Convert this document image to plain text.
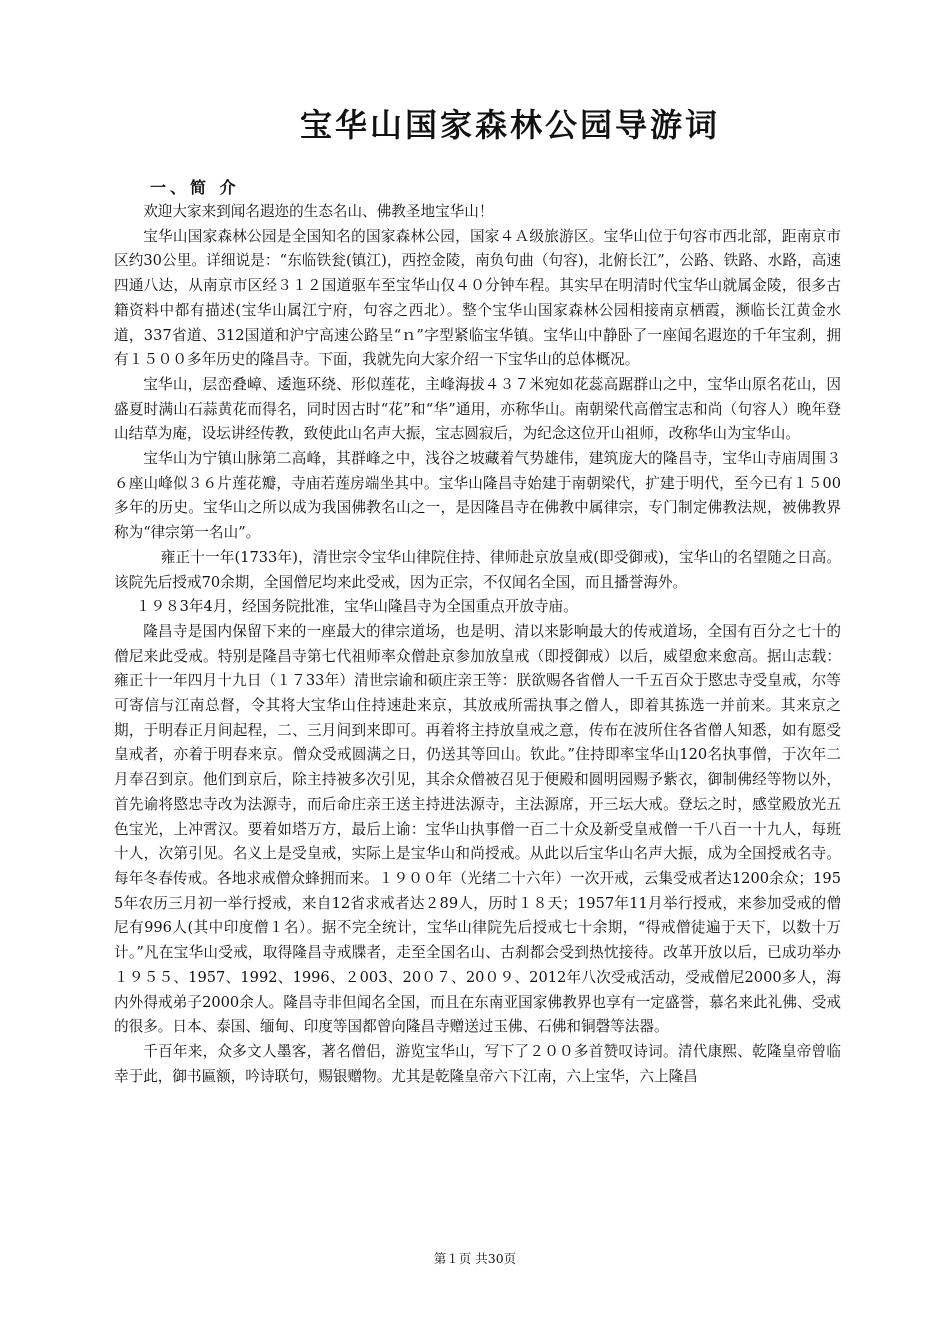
宝华山国家森林公园导游词
一、简 介

欢迎大家来到闻名遐迩的生态名山、佛教圣地宝华山！

宝华山国家森林公园是全国知名的国家森林公园，国家４Ａ级旅游区。宝华山位于句容市西北部，距南京市区约30公里。详细说是：“东临铁瓮(镇江)，西控金陵，南负句曲（句容)，北俯长江”，公路、铁路、水路，高速四通八达，从南京市区经３１２国道驱车至宝华山仅４０分钟车程。其实早在明清时代宝华山就属金陵，很多古籍资料中都有描述(宝华山属江宁府，句容之西北）。整个宝华山国家森林公园相接南京栖霞，濒临长江黄金水道，337省道、312国道和沪宁高速公路呈“ｎ”字型紧临宝华镇。宝华山中静卧了一座闻名遐迩的千年宝刹，拥有１５００多年历史的隆昌寺。下面，我就先向大家介绍一下宝华山的总体概况。

宝华山，层峦叠嶂、逶迤环绕、形似莲花，主峰海拔４３７米宛如花蕊高踞群山之中，宝华山原名花山，因盛夏时满山石蒜黄花而得名，同时因古时“花”和“华”通用，亦称华山。南朝梁代高僧宝志和尚（句容人）晚年登山结草为庵，设坛讲经传教，致使此山名声大振，宝志圆寂后，为纪念这位开山祖师，改称华山为宝华山。

宝华山为宁镇山脉第二高峰，其群峰之中，浅谷之坡藏着气势雄伟，建筑庞大的隆昌寺，宝华山寺庙周围３６座山峰似３６片莲花瓣，寺庙若莲房端坐其中。宝华山隆昌寺始建于南朝梁代，扩建于明代，至今已有１５00多年的历史。宝华山之所以成为我国佛教名山之一，是因隆昌寺在佛教中属律宗，专门制定佛教法规，被佛教界称为“律宗第一名山”。

雍正十一年(1733年)，清世宗令宝华山律院住持、律师赴京放皇戒(即受御戒)，宝华山的名望随之日高。该院先后授戒70余期，全国僧尼均来此受戒，因为正宗，不仅闻名全国，而且播誉海外。

１９８3年4月，经国务院批准，宝华山隆昌寺为全国重点开放寺庙。

隆昌寺是国内保留下来的一座最大的律宗道场，也是明、清以来影响最大的传戒道场，全国有百分之七十的僧尼来此受戒。特别是隆昌寺第七代祖师率众僧赴京参加放皇戒（即授御戒）以后，威望愈来愈高。据山志载：雍正十一年四月十九日（１７33年）清世宗谕和硕庄亲王等：朕欲赐各省僧人一千五百众于愍忠寺受皇戒，尔等可寄信与江南总督，令其将大宝华山住持速赴来京，其放戒所需执事之僧人，即着其拣选一并前来。其来京之期，于明春正月间起程，二、三月间到来即可。再着将主持放皇戒之意，传布在波所住各省僧人知悉，如有愿受皇戒者，亦着于明春来京。僧众受戒圆满之日，仍送其等回山。钦此。”住持即率宝华山120名执事僧，于次年二月奉召到京。他们到京后，除主持被多次引见，其余众僧被召见于便殿和圆明园赐予紫衣，御制佛经等物以外，首先谕将愍忠寺改为法源寺，而后命庄亲王送主持进法源寺，主法源席，开三坛大戒。登坛之时，感堂殿放光五色宝光，上冲霄汉。要着如塔万方，最后上谕：宝华山执事僧一百二十众及新受皇戒僧一千八百一十九人，每班十人，次第引见。名义上是受皇戒，实际上是宝华山和尚授戒。从此以后宝华山名声大振，成为全国授戒名寺。每年冬春传戒。各地求戒僧众蜂拥而来。１９００年（光绪二十六年）一次开戒，云集受戒者达1200余众；1955年农历三月初一举行授戒，来自12省求戒者达２89人，历时１８天；1957年11月举行授戒，来参加受戒的僧尼有996人(其中印度僧１名）。据不完全统计，宝华山律院先后授戒七十余期，“得戒僧徒遍于天下，以数十万计。”凡在宝华山受戒，取得隆昌寺戒牒者，走至全国名山、古刹都会受到热忱接待。改革开放以后，已成功举办 １９５５、1957、1992、1996、２003、20０７、20０９、2012年八次受戒活动，受戒僧尼2000多人，海内外得戒弟子2000余人。隆昌寺非但闻名全国，而且在东南亚国家佛教界也享有一定盛誉，慕名来此礼佛、受戒的很多。日本、泰国、缅甸、印度等国都曾向隆昌寺赠送过玉佛、石佛和铜磬等法器。

千百年来，众多文人墨客，著名僧侣，游览宝华山，写下了２００多首赞叹诗词。清代康熙、乾隆皇帝曾临幸于此，御书匾额，吟诗联句，赐银赠物。尤其是乾隆皇帝六下江南，六上宝华，六上隆昌

第１页 共30页
